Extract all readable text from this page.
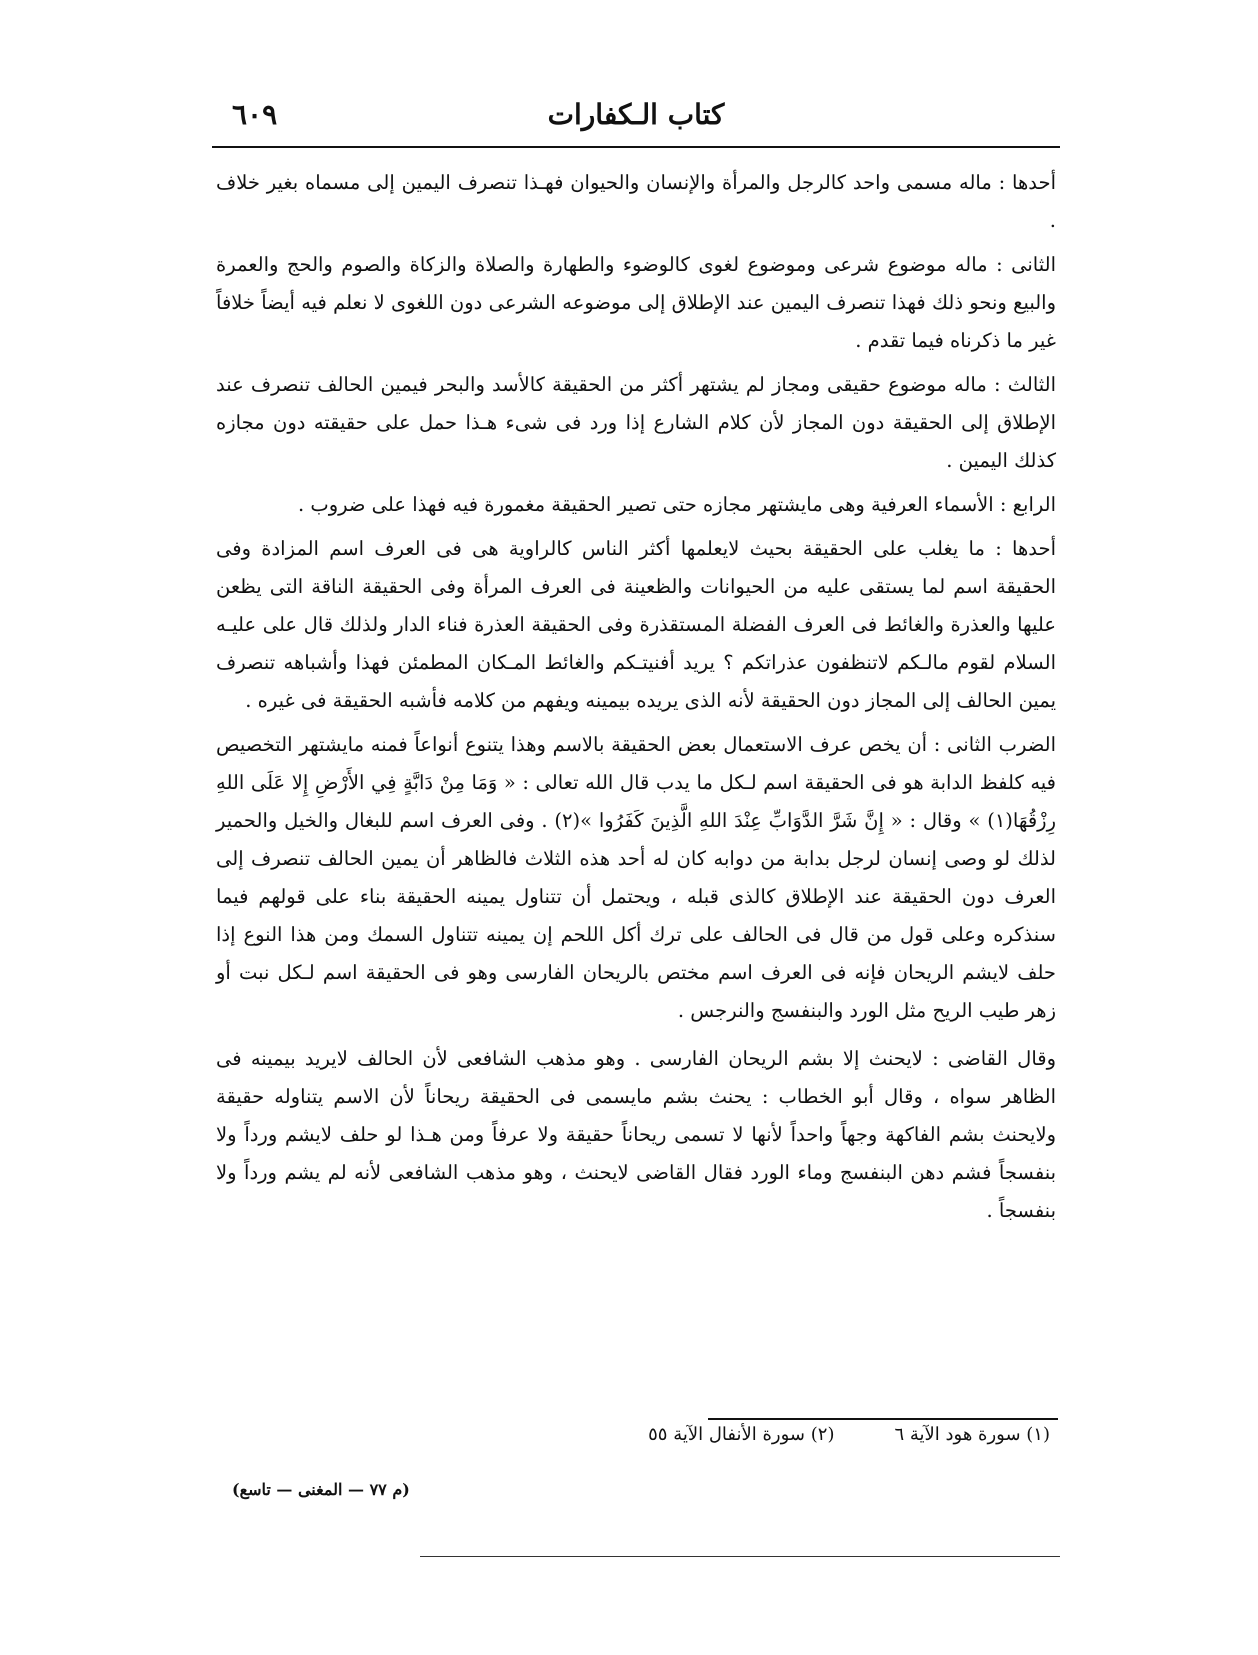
كتاب الـكفارات
٦٠٩

أحدها : ماله مسمى واحد كالرجل والمرأة والإنسان والحيوان فهـذا تنصرف اليمين إلى مسماه بغير خلاف .

الثانى : ماله موضوع شرعى وموضوع لغوى كالوضوء والطهارة والصلاة والزكاة والصوم والحج والعمرة والبيع ونحو ذلك فهذا تنصرف اليمين عند الإطلاق إلى موضوعه الشرعى دون اللغوى لا نعلم فيه أيضاً خلافاً غير ما ذكرناه فيما تقدم .

الثالث : ماله موضوع حقيقى ومجاز لم يشتهر أكثر من الحقيقة كالأسد والبحر فيمين الحالف تنصرف عند الإطلاق إلى الحقيقة دون المجاز لأن كلام الشارع إذا ورد فى شىء هـذا حمل على حقيقته دون مجازه كذلك اليمين .

الرابع : الأسماء العرفية وهى مايشتهر مجازه حتى تصير الحقيقة مغمورة فيه فهذا على ضروب .

أحدها : ما يغلب على الحقيقة بحيث لايعلمها أكثر الناس كالراوية هى فى العرف اسم المزادة وفى الحقيقة اسم لما يستقى عليه من الحيوانات والظعينة فى العرف المرأة وفى الحقيقة الناقة التى يظعن عليها والعذرة والغائط فى العرف الفضلة المستقذرة وفى الحقيقة العذرة فناء الدار ولذلك قال على عليـه السلام لقوم مالـكم لاتنظفون عذراتكم ؟ يريد أفنيتـكم والغائط المـكان المطمئن فهذا وأشباهه تنصرف يمين الحالف إلى المجاز دون الحقيقة لأنه الذى يريده بيمينه ويفهم من كلامه فأشبه الحقيقة فى غيره .

الضرب الثانى : أن يخص عرف الاستعمال بعض الحقيقة بالاسم وهذا يتنوع أنواعاً فمنه مايشتهر التخصيص فيه كلفظ الدابة هو فى الحقيقة اسم لـكل ما يدب قال الله تعالى : « وَمَا مِنْ دَابَّةٍ فِي الأَرْضِ إِلا عَلَى اللهِ رِزْقُهَا(١) » وقال : « إِنَّ شَرَّ الدَّوَابِّ عِنْدَ اللهِ الَّذِينَ كَفَرُوا »(٢) . وفى العرف اسم للبغال والخيل والحمير لذلك لو وصى إنسان لرجل بدابة من دوابه كان له أحد هذه الثلاث فالظاهر أن يمين الحالف تنصرف إلى العرف دون الحقيقة عند الإطلاق كالذى قبله ، ويحتمل أن تتناول يمينه الحقيقة بناء على قولهم فيما سنذكره وعلى قول من قال فى الحالف على ترك أكل اللحم إن يمينه تتناول السمك ومن هذا النوع إذا حلف لايشم الريحان فإنه فى العرف اسم مختص بالريحان الفارسى وهو فى الحقيقة اسم لـكل نبت أو زهر طيب الريح مثل الورد والبنفسج والنرجس .

وقال القاضى : لايحنث إلا بشم الريحان الفارسى . وهو مذهب الشافعى لأن الحالف لايريد بيمينه فى الظاهر سواه ، وقال أبو الخطاب : يحنث بشم مايسمى فى الحقيقة ريحاناً لأن الاسم يتناوله حقيقة ولايحنث بشم الفاكهة وجهاً واحداً لأنها لا تسمى ريحاناً حقيقة ولا عرفاً ومن هـذا لو حلف لايشم ورداً ولا بنفسجاً فشم دهن البنفسج وماء الورد فقال القاضى لايحنث ، وهو مذهب الشافعى لأنه لم يشم ورداً ولا بنفسجاً .

(١) سورة هود الآية ٦
(٢) سورة الأنفال الآية ٥٥
(م ٧٧ — المغنى — تاسع)
